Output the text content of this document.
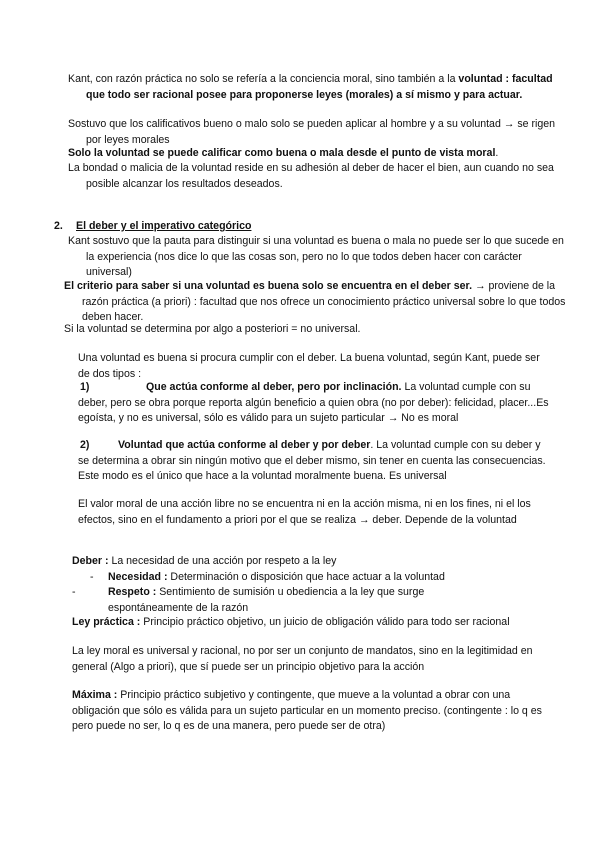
Kant, con razón práctica no solo se refería a la conciencia moral, sino también a la voluntad : facultad que todo ser racional posee para proponerse leyes (morales) a sí mismo y para actuar.

Sostuvo que los calificativos bueno o malo solo se pueden aplicar al hombre y a su voluntad → se rigen por leyes morales

Solo la voluntad se puede calificar como buena o mala desde el punto de vista moral.

La bondad o malicia de la voluntad reside en su adhesión al deber de hacer el bien, aun cuando no sea posible alcanzar los resultados deseados.

2. El deber y el imperativo categórico

Kant sostuvo que la pauta para distinguir si una voluntad es buena o mala no puede ser lo que sucede en la experiencia (nos dice lo que las cosas son, pero no lo que todos deben hacer con carácter universal)

El criterio para saber si una voluntad es buena solo se encuentra en el deber ser. → proviene de la razón práctica (a priori) : facultad que nos ofrece un conocimiento práctico universal sobre lo que todos deben hacer.

Si la voluntad se determina por algo a posteriori = no universal.

Una voluntad es buena si procura cumplir con el deber. La buena voluntad, según Kant, puede ser de dos tipos :

1)	Que actúa conforme al deber, pero por inclinación. La voluntad cumple con su deber, pero se obra porque reporta algún beneficio a quien obra (no por deber): felicidad, placer...Es egoísta, y no es universal, sólo es válido para un sujeto particular → No es moral

2)	Voluntad que actúa conforme al deber y por deber. La voluntad cumple con su deber y se determina a obrar sin ningún motivo que el deber mismo, sin tener en cuenta las consecuencias. Este modo es el único que hace a la voluntad moralmente buena. Es universal

El valor moral de una acción libre no se encuentra ni en la acción misma, ni en los fines, ni el los efectos, sino en el fundamento a priori por el que se realiza → deber. Depende de la voluntad

Deber : La necesidad de una acción por respeto a la ley

- Necesidad : Determinación o disposición que hace actuar a la voluntad

-	Respeto : Sentimiento de sumisión u obediencia a la ley que surge espontáneamente de la razón

Ley práctica : Principio práctico objetivo, un juicio de obligación válido para todo ser racional

La ley moral es universal y racional, no por ser un conjunto de mandatos, sino en la legitimidad en general (Algo a priori), que sí puede ser un principio objetivo para la acción

Máxima : Principio práctico subjetivo y contingente, que mueve a la voluntad a obrar con una obligación que sólo es válida para un sujeto particular en un momento preciso. (contingente : lo q es pero puede no ser, lo q es de una manera, pero puede ser de otra)
